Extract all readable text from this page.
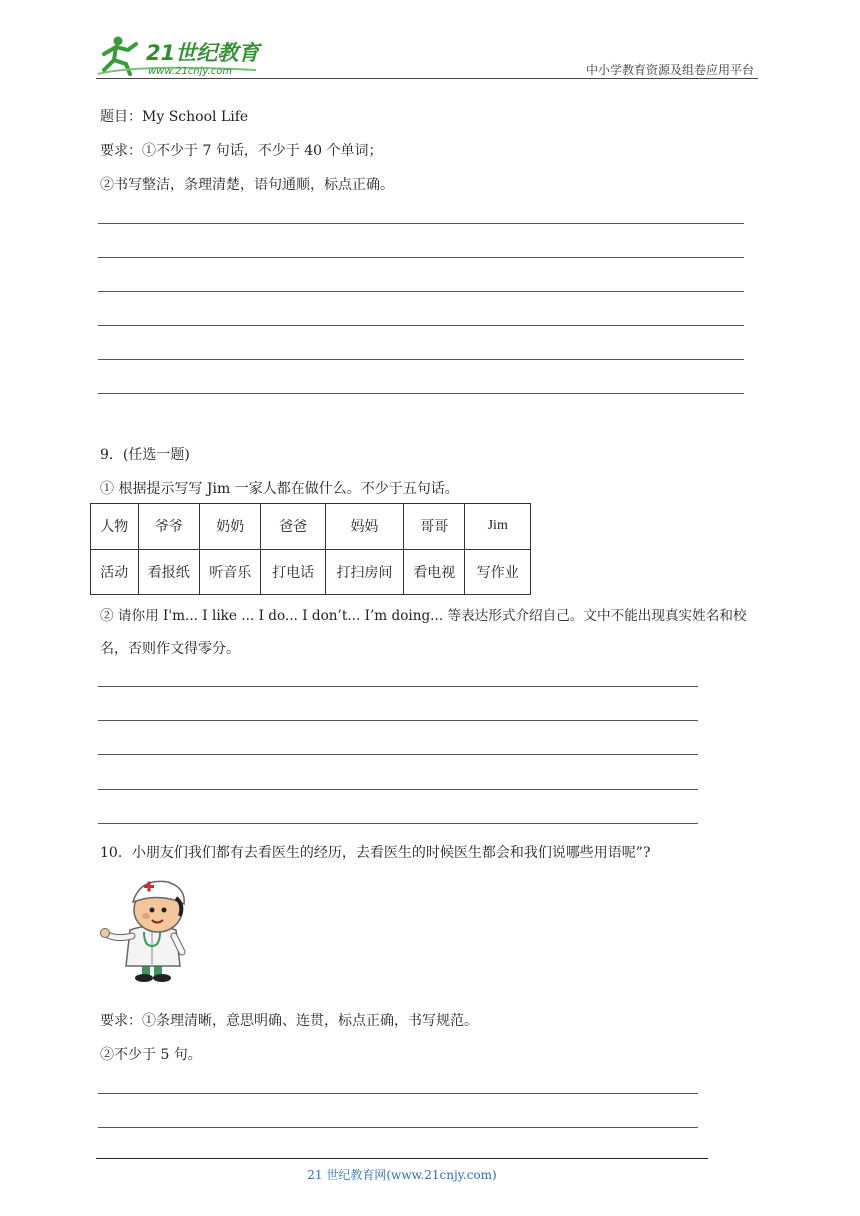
21世纪教育
www.21cnjy.com	中小学教育资源及组卷应用平台
题目：My School Life
要求：①不少于 7 句话，不少于 40 个单词；
②书写整洁，条理清楚，语句通顺，标点正确。
9．(任选一题)
① 根据提示写写 Jim 一家人都在做什么。不少于五句话。
人物	爷爷	奶奶	爸爸	妈妈	哥哥	Jim
活动	看报纸	听音乐	打电话	打扫房间	看电视	写作业
② 请你用 I'm... I like ... I do... I don’t... I’m doing... 等表达形式介绍自己。文中不能出现真实姓名和校
名，否则作文得零分。
10．小朋友们我们都有去看医生的经历，去看医生的时候医生都会和我们说哪些用语呢”?
要求：①条理清晰，意思明确、连贯，标点正确，书写规范。
②不少于 5 句。
21 世纪教育网(www.21cnjy.com)
